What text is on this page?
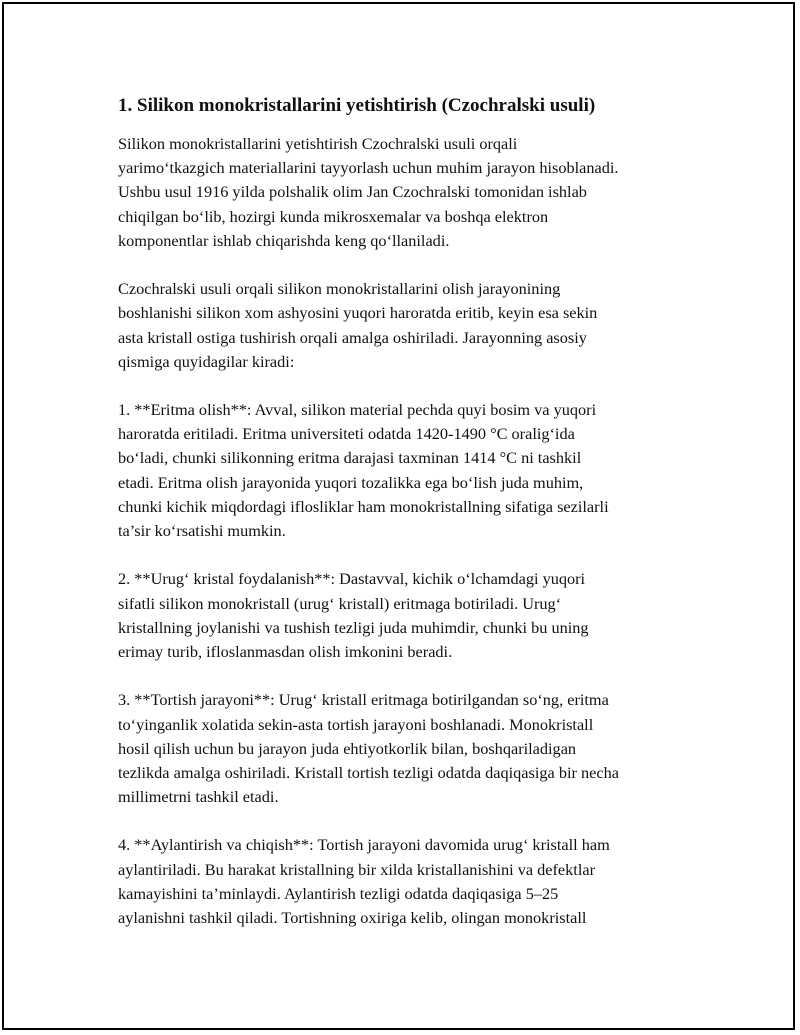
1. Silikon monokristallarini yetishtirish (Czochralski usuli)

Silikon monokristallarini yetishtirish Czochralski usuli orqali
yarimo‘tkazgich materiallarini tayyorlash uchun muhim jarayon hisoblanadi.
Ushbu usul 1916 yilda polshalik olim Jan Czochralski tomonidan ishlab
chiqilgan bo‘lib, hozirgi kunda mikrosxemalar va boshqa elektron
komponentlar ishlab chiqarishda keng qo‘llaniladi.

Czochralski usuli orqali silikon monokristallarini olish jarayonining
boshlanishi silikon xom ashyosini yuqori haroratda eritib, keyin esa sekin
asta kristall ostiga tushirish orqali amalga oshiriladi. Jarayonning asosiy
qismiga quyidagilar kiradi:

1. **Eritma olish**: Avval, silikon material pechda quyi bosim va yuqori
haroratda eritiladi. Eritma universiteti odatda 1420-1490 °C oralig‘ida
bo‘ladi, chunki silikonning eritma darajasi taxminan 1414 °C ni tashkil
etadi. Eritma olish jarayonida yuqori tozalikka ega bo‘lish juda muhim,
chunki kichik miqdordagi iflosliklar ham monokristallning sifatiga sezilarli
ta’sir ko‘rsatishi mumkin.

2. **Urug‘ kristal foydalanish**: Dastavval, kichik o‘lchamdagi yuqori
sifatli silikon monokristall (urug‘ kristall) eritmaga botiriladi. Urug‘
kristallning joylanishi va tushish tezligi juda muhimdir, chunki bu uning
erimay turib, ifloslanmasdan olish imkonini beradi.

3. **Tortish jarayoni**: Urug‘ kristall eritmaga botirilgandan so‘ng, eritma
to‘yinganlik xolatida sekin-asta tortish jarayoni boshlanadi. Monokristall
hosil qilish uchun bu jarayon juda ehtiyotkorlik bilan, boshqariladigan
tezlikda amalga oshiriladi. Kristall tortish tezligi odatda daqiqasiga bir necha
millimetrni tashkil etadi.

4. **Aylantirish va chiqish**: Tortish jarayoni davomida urug‘ kristall ham
aylantiriladi. Bu harakat kristallning bir xilda kristallanishini va defektlar
kamayishini ta’minlaydi. Aylantirish tezligi odatda daqiqasiga 5–25
aylanishni tashkil qiladi. Tortishning oxiriga kelib, olingan monokristall
